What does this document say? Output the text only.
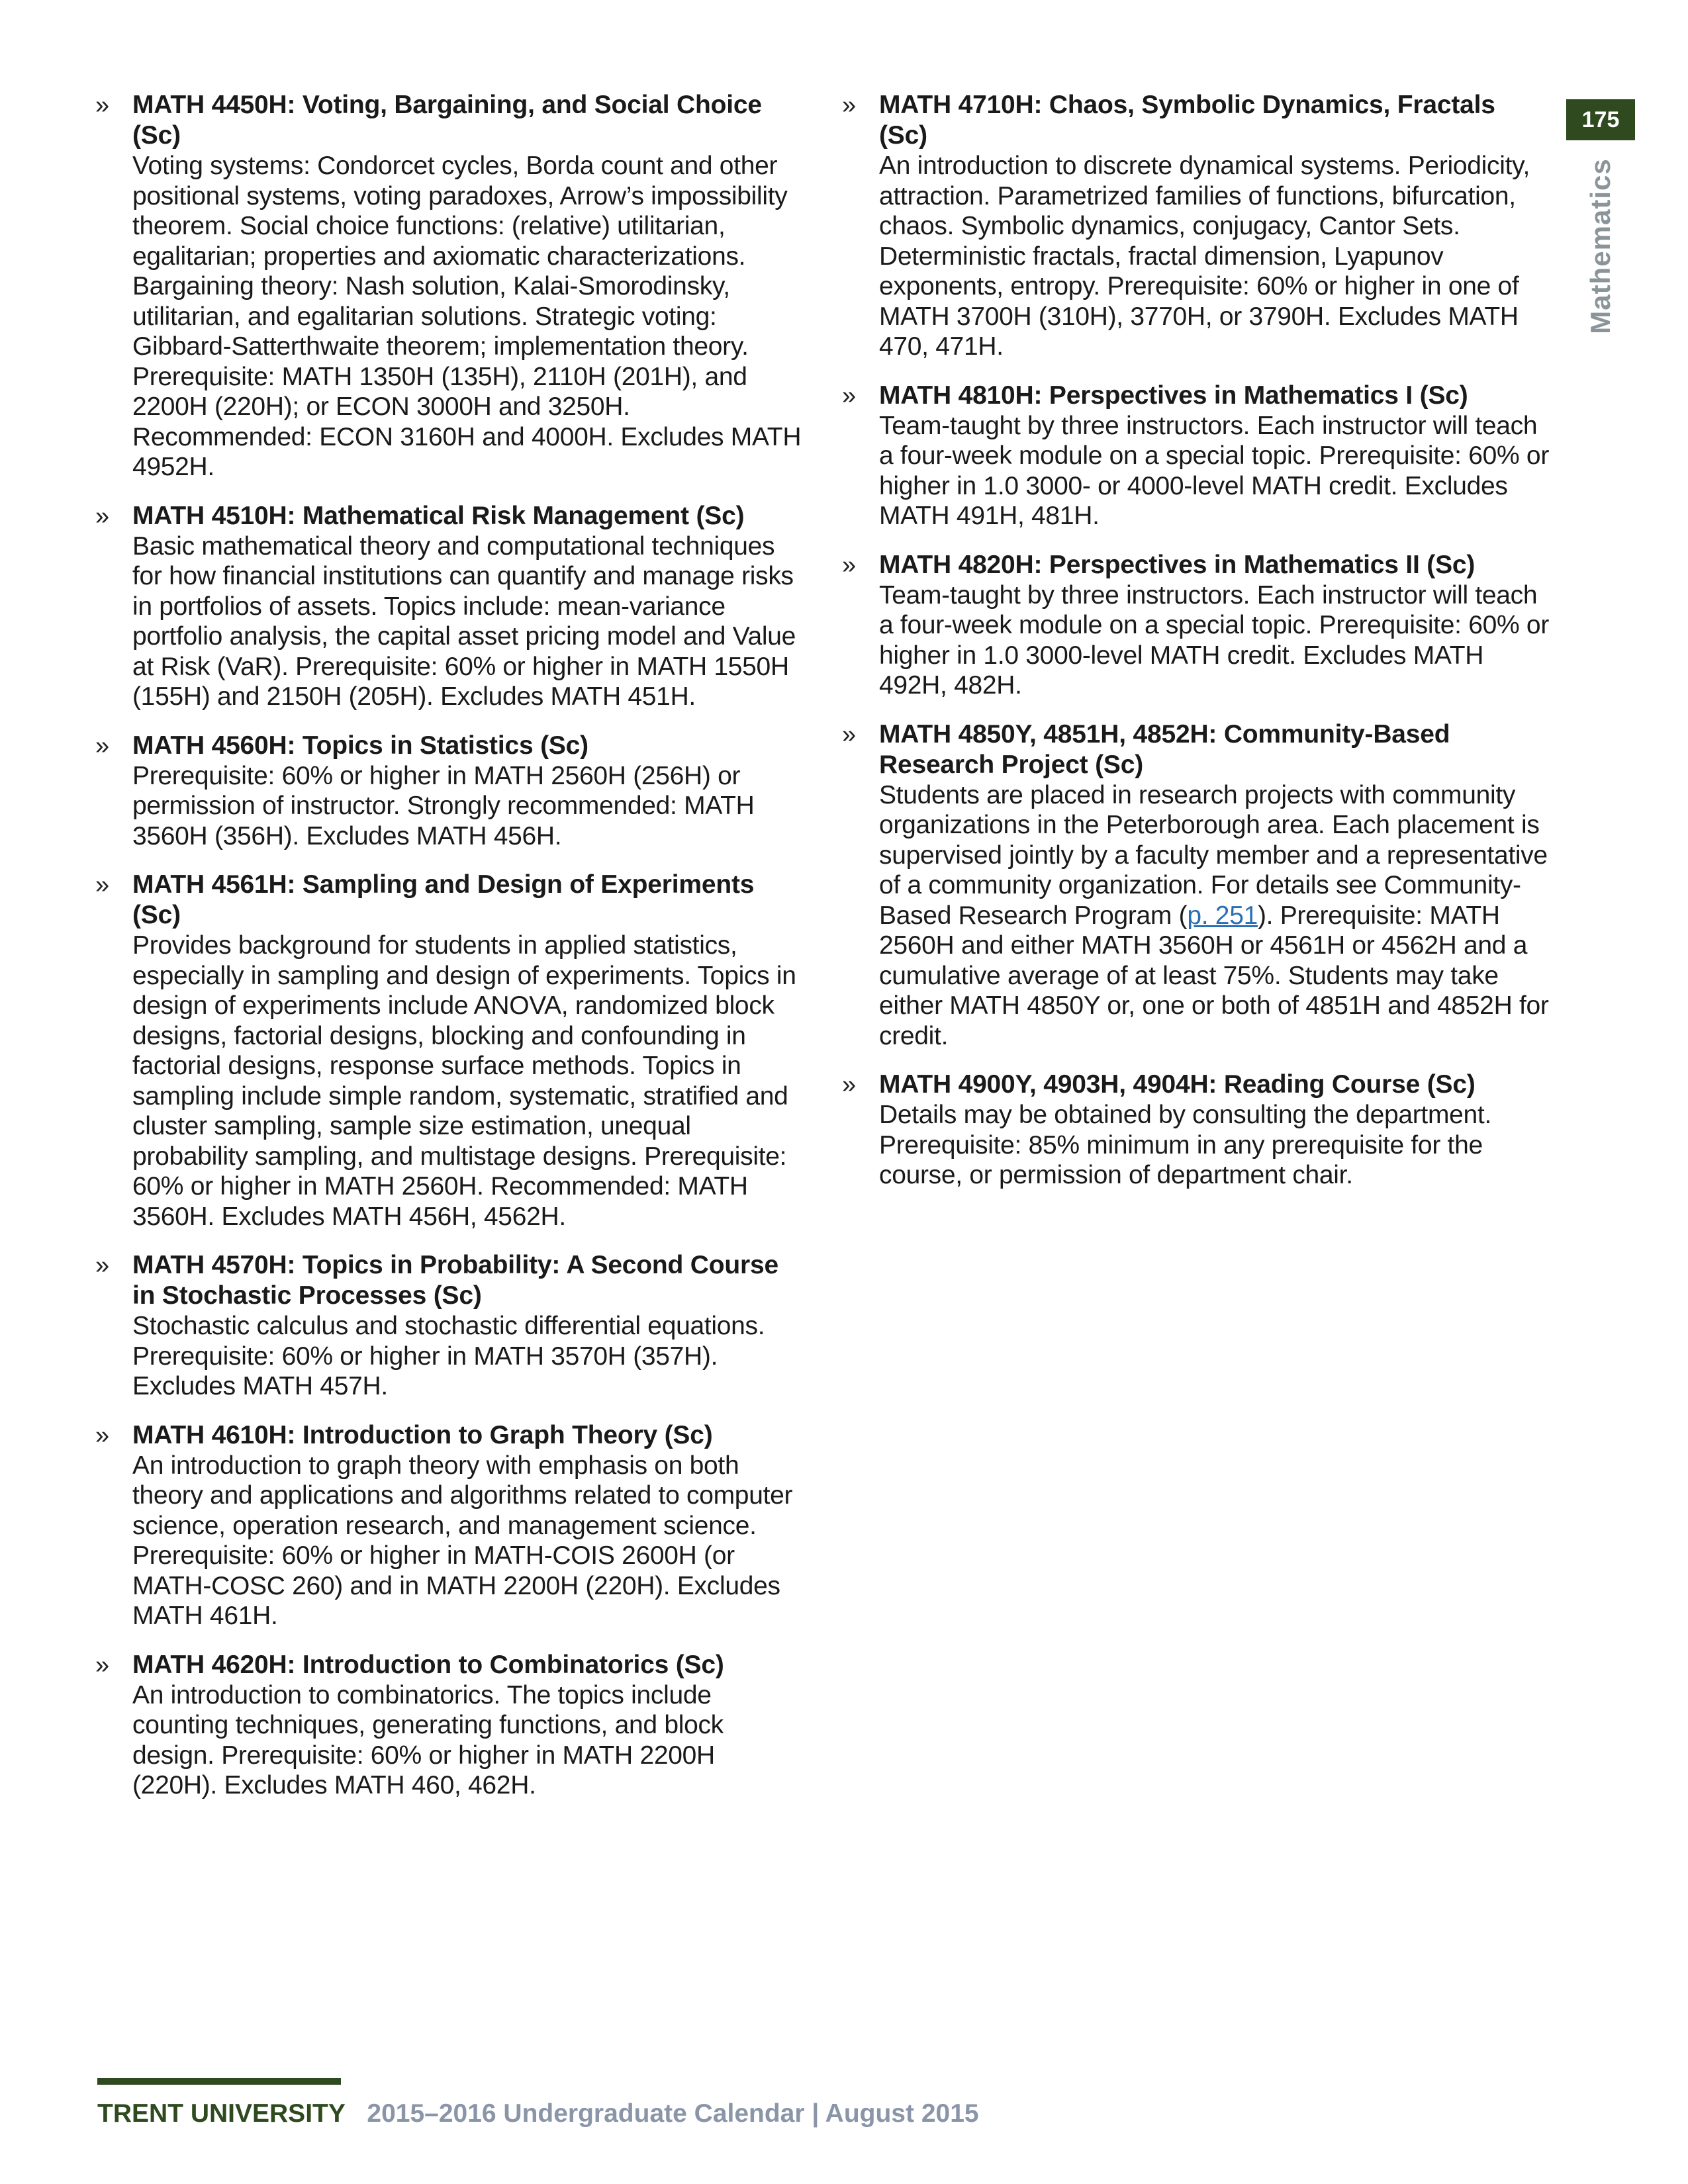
175
Mathematics
» MATH 4450H: Voting, Bargaining, and Social Choice (Sc)
Voting systems: Condorcet cycles, Borda count and other positional systems, voting paradoxes, Arrow’s impossibility theorem. Social choice functions: (relative) utilitarian, egalitarian; properties and axiomatic characterizations. Bargaining theory: Nash solution, Kalai-Smorodinsky, utilitarian, and egalitarian solutions. Strategic voting: Gibbard-Satterthwaite theorem; implementation theory. Prerequisite: MATH 1350H (135H), 2110H (201H), and 2200H (220H); or ECON 3000H and 3250H. Recommended: ECON 3160H and 4000H. Excludes MATH 4952H.
» MATH 4510H: Mathematical Risk Management (Sc)
Basic mathematical theory and computational techniques for how financial institutions can quantify and manage risks in portfolios of assets. Topics include: mean-variance portfolio analysis, the capital asset pricing model and Value at Risk (VaR). Prerequisite: 60% or higher in MATH 1550H (155H) and 2150H (205H). Excludes MATH 451H.
» MATH 4560H: Topics in Statistics (Sc)
Prerequisite: 60% or higher in MATH 2560H (256H) or permission of instructor. Strongly recommended: MATH 3560H (356H). Excludes MATH 456H.
» MATH 4561H: Sampling and Design of Experiments (Sc)
Provides background for students in applied statistics, especially in sampling and design of experiments. Topics in design of experiments include ANOVA, randomized block designs, factorial designs, blocking and confounding in factorial designs, response surface methods. Topics in sampling include simple random, systematic, stratified and cluster sampling, sample size estimation, unequal probability sampling, and multistage designs. Prerequisite: 60% or higher in MATH 2560H. Recommended: MATH 3560H. Excludes MATH 456H, 4562H.
» MATH 4570H: Topics in Probability: A Second Course in Stochastic Processes (Sc)
Stochastic calculus and stochastic differential equations. Prerequisite: 60% or higher in MATH 3570H (357H). Excludes MATH 457H.
» MATH 4610H: Introduction to Graph Theory (Sc)
An introduction to graph theory with emphasis on both theory and applications and algorithms related to computer science, operation research, and management science. Prerequisite: 60% or higher in MATH-COIS 2600H (or MATH-COSC 260) and in MATH 2200H (220H). Excludes MATH 461H.
» MATH 4620H: Introduction to Combinatorics (Sc)
An introduction to combinatorics. The topics include counting techniques, generating functions, and block design. Prerequisite: 60% or higher in MATH 2200H (220H). Excludes MATH 460, 462H.
» MATH 4710H: Chaos, Symbolic Dynamics, Fractals (Sc)
An introduction to discrete dynamical systems. Periodicity, attraction. Parametrized families of functions, bifurcation, chaos. Symbolic dynamics, conjugacy, Cantor Sets. Deterministic fractals, fractal dimension, Lyapunov exponents, entropy. Prerequisite: 60% or higher in one of MATH 3700H (310H), 3770H, or 3790H. Excludes MATH 470, 471H.
» MATH 4810H: Perspectives in Mathematics I (Sc)
Team-taught by three instructors. Each instructor will teach a four-week module on a special topic. Prerequisite: 60% or higher in 1.0 3000- or 4000-level MATH credit. Excludes MATH 491H, 481H.
» MATH 4820H: Perspectives in Mathematics II (Sc)
Team-taught by three instructors. Each instructor will teach a four-week module on a special topic. Prerequisite: 60% or higher in 1.0 3000-level MATH credit. Excludes MATH 492H, 482H.
» MATH 4850Y, 4851H, 4852H: Community-Based Research Project (Sc)
Students are placed in research projects with community organizations in the Peterborough area. Each placement is supervised jointly by a faculty member and a representative of a community organization. For details see Community-Based Research Program (p. 251). Prerequisite: MATH 2560H and either MATH 3560H or 4561H or 4562H and a cumulative average of at least 75%. Students may take either MATH 4850Y or, one or both of 4851H and 4852H for credit.
» MATH 4900Y, 4903H, 4904H: Reading Course (Sc)
Details may be obtained by consulting the department. Prerequisite: 85% minimum in any prerequisite for the course, or permission of department chair.
TRENT UNIVERSITY 2015–2016 Undergraduate Calendar | August 2015
